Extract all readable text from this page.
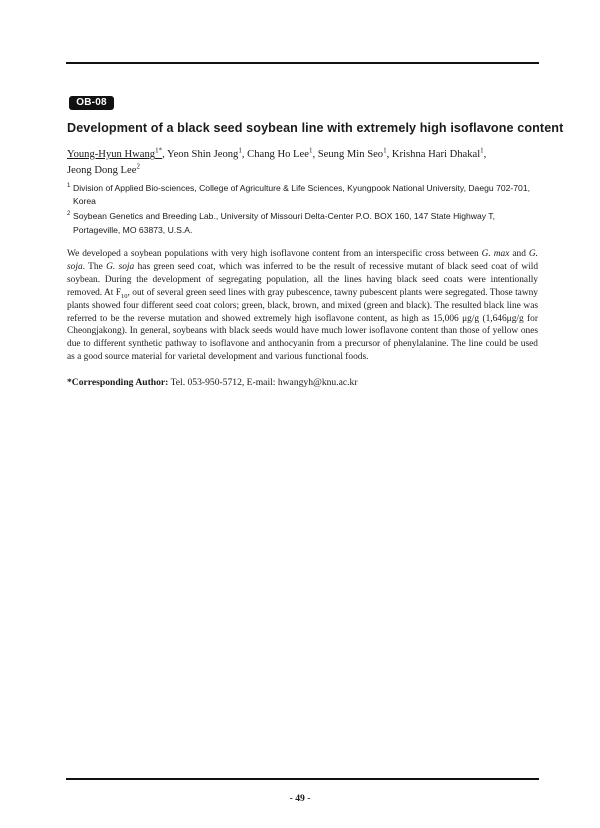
OB-08
Development of a black seed soybean line with extremely high isoflavone content
Young-Hyun Hwang$^{1*}$, Yeon Shin Jeong$^1$, Chang Ho Lee$^1$, Seung Min Seo$^1$, Krishna Hari Dhakal$^1$,
Jeong Dong Lee$^2$
1 Division of Applied Bio-sciences, College of Agriculture & Life Sciences, Kyungpook National University, Daegu 702-701, Korea
2 Soybean Genetics and Breeding Lab., University of Missouri Delta-Center P.O. BOX 160, 147 State Highway T, Portageville, MO 63873, U.S.A.
We developed a soybean populations with very high isoflavone content from an interspecific cross between G. max and G. soja. The G. soja has green seed coat, which was inferred to be the result of recessive mutant of black seed coat of wild soybean. During the development of segregating population, all the lines having black seed coats were intentionally removed. At $F_{10}$, out of several green seed lines with gray pubescence, tawny pubescent plants were segregated. Those tawny plants showed four different seed coat colors; green, black, brown, and mixed (green and black). The resulted black line was referred to be the reverse mutation and showed extremely high isoflavone content, as high as 15,006 μg/g (1,646μg/g for Cheongjakong). In general, soybeans with black seeds would have much lower isoflavone content than those of yellow ones due to different synthetic pathway to isoflavone and anthocyanin from a precursor of phenylalanine. The line could be used as a good source material for varietal development and various functional foods.
*Corresponding Author: Tel. 053-950-5712, E-mail: hwangyh@knu.ac.kr
- 49 -
